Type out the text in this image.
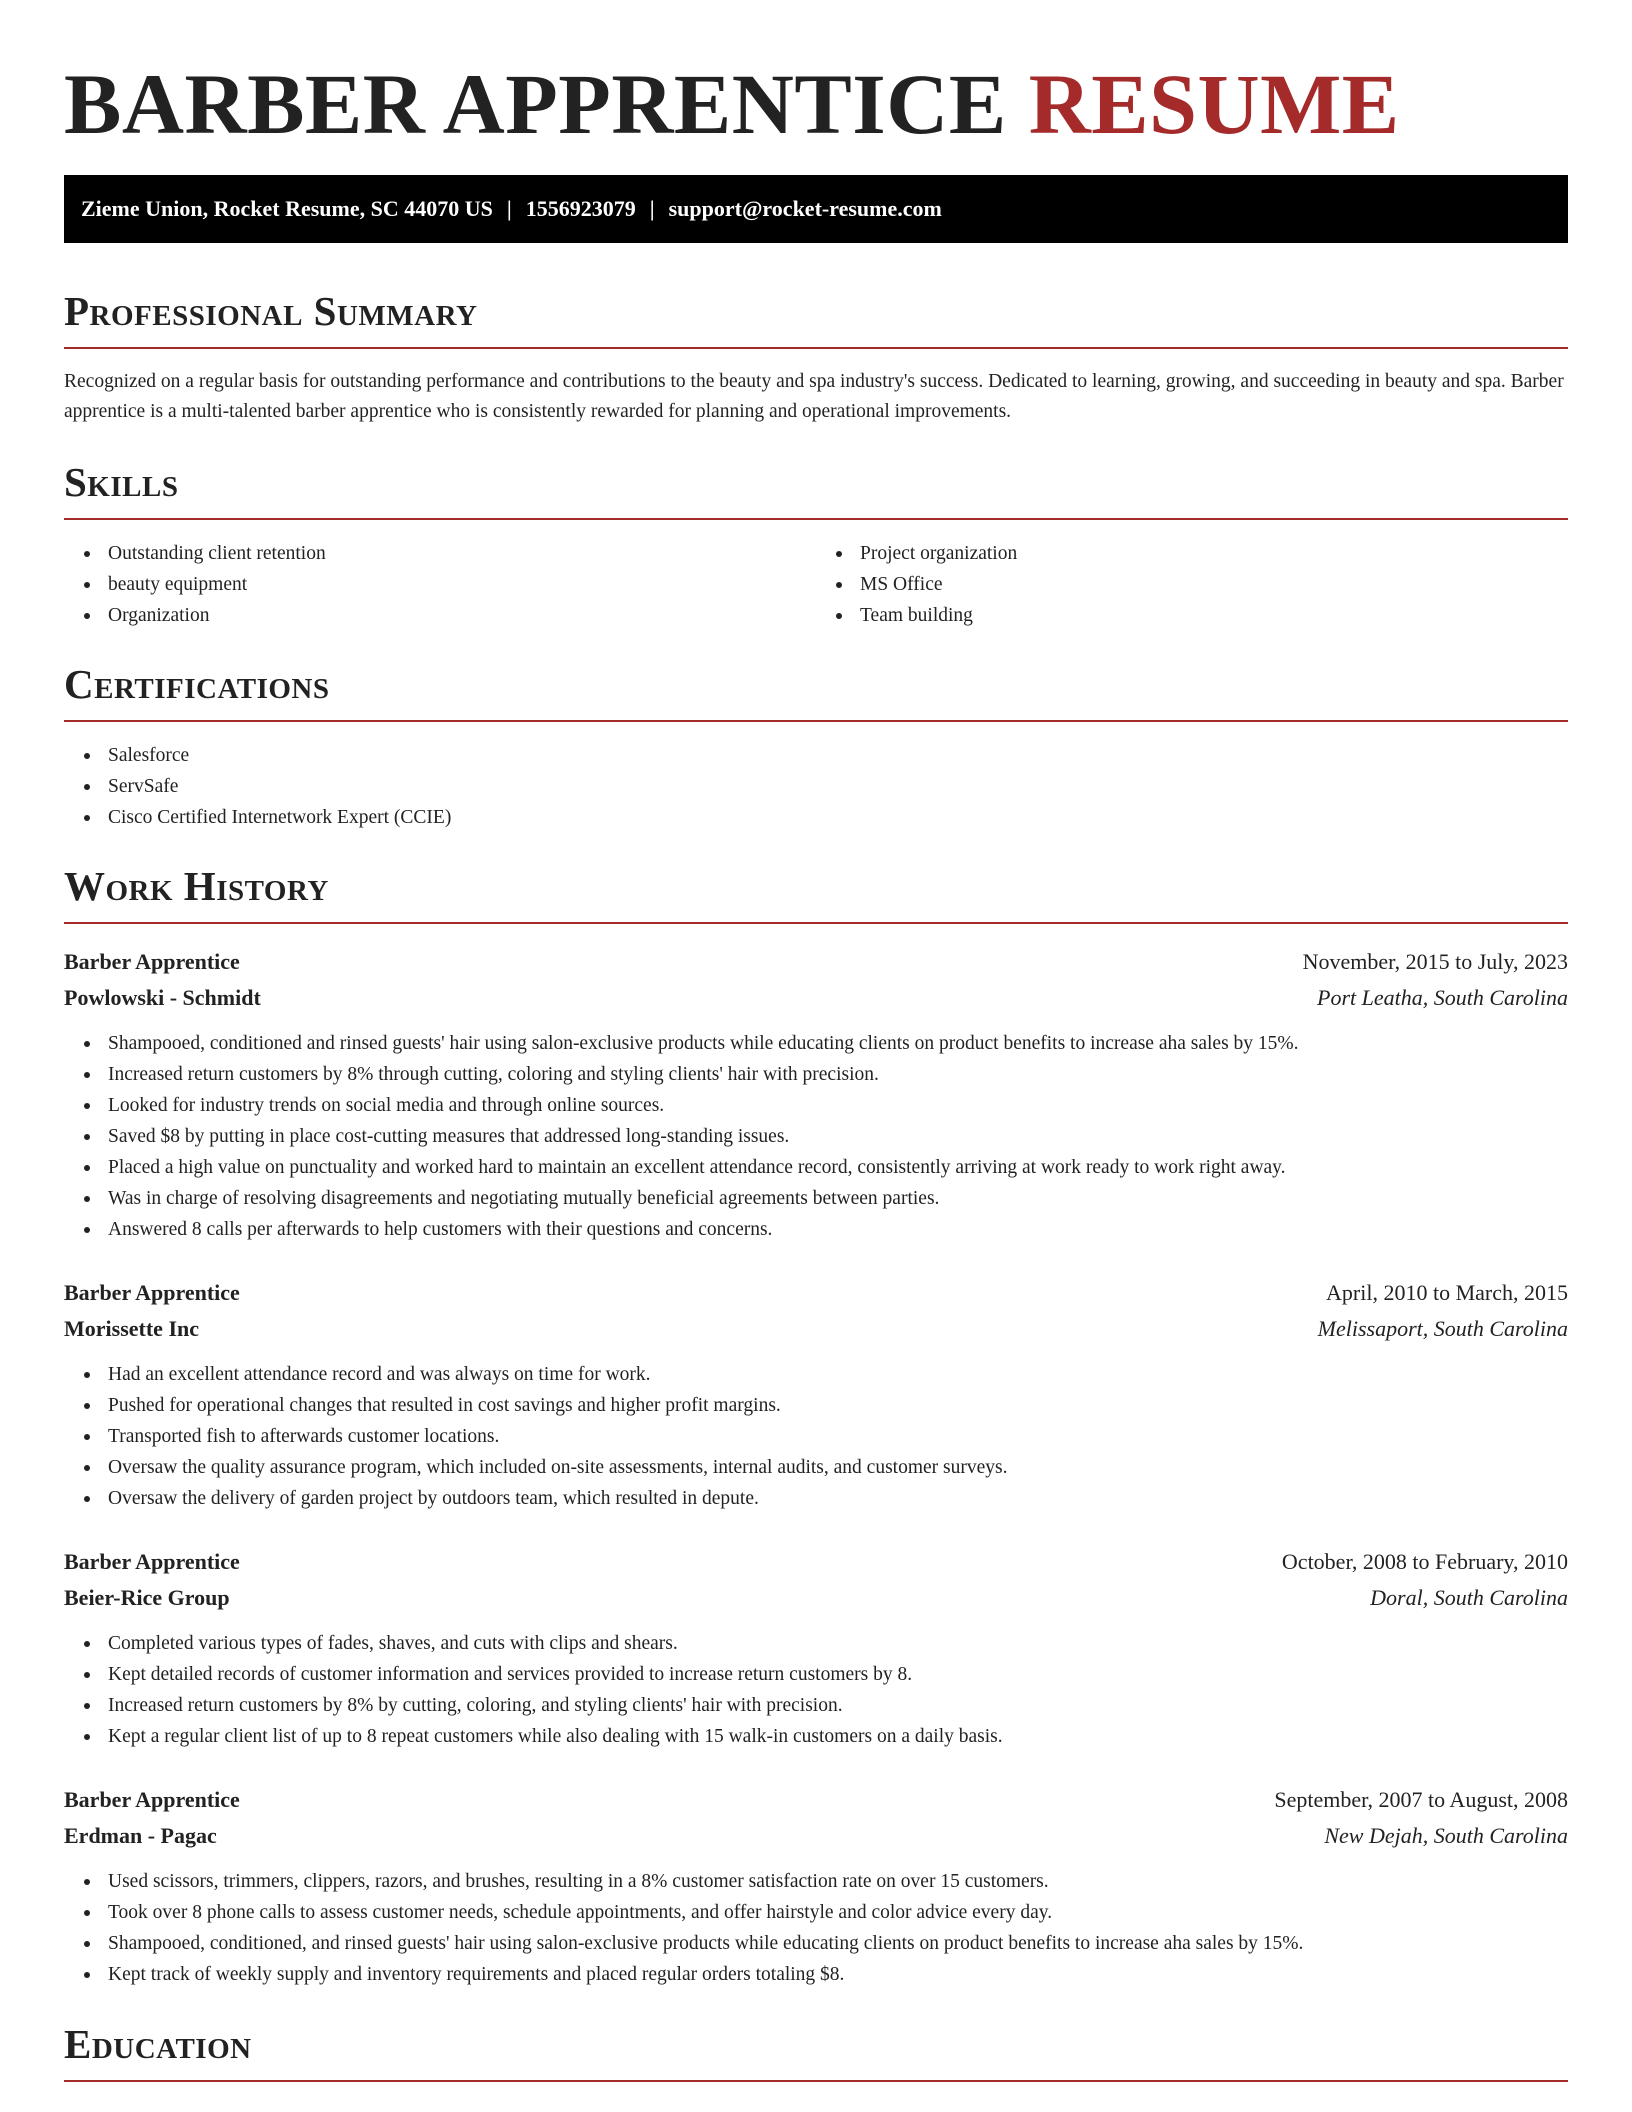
BARBER APPRENTICE RESUME
Zieme Union, Rocket Resume, SC 44070 US | 1556923079 | support@rocket-resume.com
Professional Summary

Recognized on a regular basis for outstanding performance and contributions to the beauty and spa industry's success. Dedicated to learning, growing, and succeeding in beauty and spa. Barber apprentice is a multi-talented barber apprentice who is consistently rewarded for planning and operational improvements.

Skills
Outstanding client retention
beauty equipment
Organization
Project organization
MS Office
Team building
Certifications
Salesforce
ServSafe
Cisco Certified Internetwork Expert (CCIE)
Work History
Barber Apprentice	November, 2015 to July, 2023
Powlowski - Schmidt	Port Leatha, South Carolina
Shampooed, conditioned and rinsed guests' hair using salon-exclusive products while educating clients on product benefits to increase aha sales by 15%.
Increased return customers by 8% through cutting, coloring and styling clients' hair with precision.
Looked for industry trends on social media and through online sources.
Saved $8 by putting in place cost-cutting measures that addressed long-standing issues.
Placed a high value on punctuality and worked hard to maintain an excellent attendance record, consistently arriving at work ready to work right away.
Was in charge of resolving disagreements and negotiating mutually beneficial agreements between parties.
Answered 8 calls per afterwards to help customers with their questions and concerns.
Barber Apprentice	April, 2010 to March, 2015
Morissette Inc	Melissaport, South Carolina
Had an excellent attendance record and was always on time for work.
Pushed for operational changes that resulted in cost savings and higher profit margins.
Transported fish to afterwards customer locations.
Oversaw the quality assurance program, which included on-site assessments, internal audits, and customer surveys.
Oversaw the delivery of garden project by outdoors team, which resulted in depute.
Barber Apprentice	October, 2008 to February, 2010
Beier-Rice Group	Doral, South Carolina
Completed various types of fades, shaves, and cuts with clips and shears.
Kept detailed records of customer information and services provided to increase return customers by 8.
Increased return customers by 8% by cutting, coloring, and styling clients' hair with precision.
Kept a regular client list of up to 8 repeat customers while also dealing with 15 walk-in customers on a daily basis.
Barber Apprentice	September, 2007 to August, 2008
Erdman - Pagac	New Dejah, South Carolina
Used scissors, trimmers, clippers, razors, and brushes, resulting in a 8% customer satisfaction rate on over 15 customers.
Took over 8 phone calls to assess customer needs, schedule appointments, and offer hairstyle and color advice every day.
Shampooed, conditioned, and rinsed guests' hair using salon-exclusive products while educating clients on product benefits to increase aha sales by 15%.
Kept track of weekly supply and inventory requirements and placed regular orders totaling $8.
Education
